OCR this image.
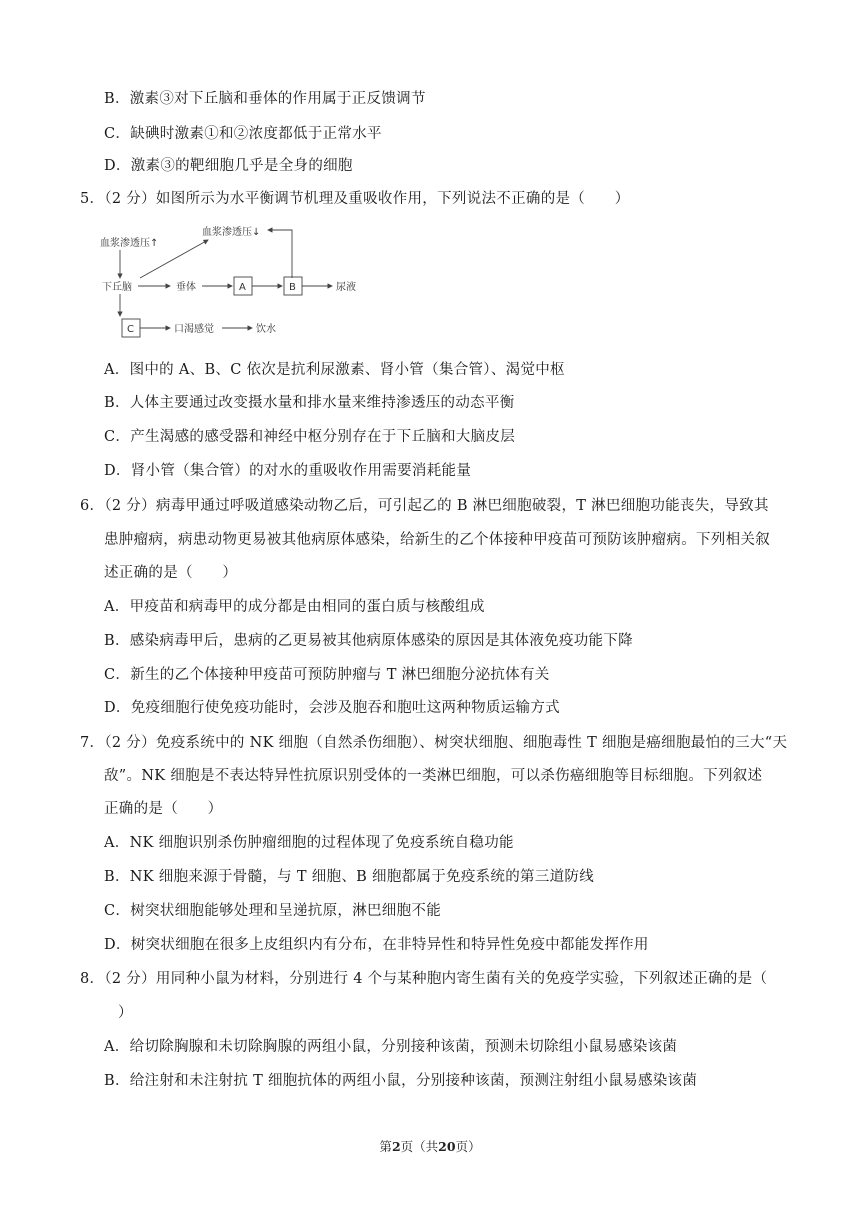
B．激素③对下丘脑和垂体的作用属于正反馈调节
C．缺碘时激素①和②浓度都低于正常水平
D．激素③的靶细胞几乎是全身的细胞
5．（2 分）如图所示为水平衡调节机理及重吸收作用，下列说法不正确的是（　　）
血浆渗透压↑
血浆渗透压↓
下丘脑	垂体	A	B	尿液
C	口渴感觉	饮水
A．图中的 A、B、C 依次是抗利尿激素、肾小管（集合管）、渴觉中枢
B．人体主要通过改变摄水量和排水量来维持渗透压的动态平衡
C．产生渴感的感受器和神经中枢分别存在于下丘脑和大脑皮层
D．肾小管（集合管）的对水的重吸收作用需要消耗能量
6．（2 分）病毒甲通过呼吸道感染动物乙后，可引起乙的 B 淋巴细胞破裂，T 淋巴细胞功能丧失，导致其
患肿瘤病，病患动物更易被其他病原体感染，给新生的乙个体接种甲疫苗可预防该肿瘤病。下列相关叙
述正确的是（　　）
A．甲疫苗和病毒甲的成分都是由相同的蛋白质与核酸组成
B．感染病毒甲后，患病的乙更易被其他病原体感染的原因是其体液免疫功能下降
C．新生的乙个体接种甲疫苗可预防肿瘤与 T 淋巴细胞分泌抗体有关
D．免疫细胞行使免疫功能时，会涉及胞吞和胞吐这两种物质运输方式
7．（2 分）免疫系统中的 NK 细胞（自然杀伤细胞）、树突状细胞、细胞毒性 T 细胞是癌细胞最怕的三大“天
敌”。NK 细胞是不表达特异性抗原识别受体的一类淋巴细胞，可以杀伤癌细胞等目标细胞。下列叙述
正确的是（　　）
A．NK 细胞识别杀伤肿瘤细胞的过程体现了免疫系统自稳功能
B．NK 细胞来源于骨髓，与 T 细胞、B 细胞都属于免疫系统的第三道防线
C．树突状细胞能够处理和呈递抗原，淋巴细胞不能
D．树突状细胞在很多上皮组织内有分布，在非特异性和特异性免疫中都能发挥作用
8．（2 分）用同种小鼠为材料，分别进行 4 个与某种胞内寄生菌有关的免疫学实验，下列叙述正确的是（
）
A．给切除胸腺和未切除胸腺的两组小鼠，分别接种该菌，预测未切除组小鼠易感染该菌
B．给注射和未注射抗 T 细胞抗体的两组小鼠，分别接种该菌，预测注射组小鼠易感染该菌
第2页（共20页）
